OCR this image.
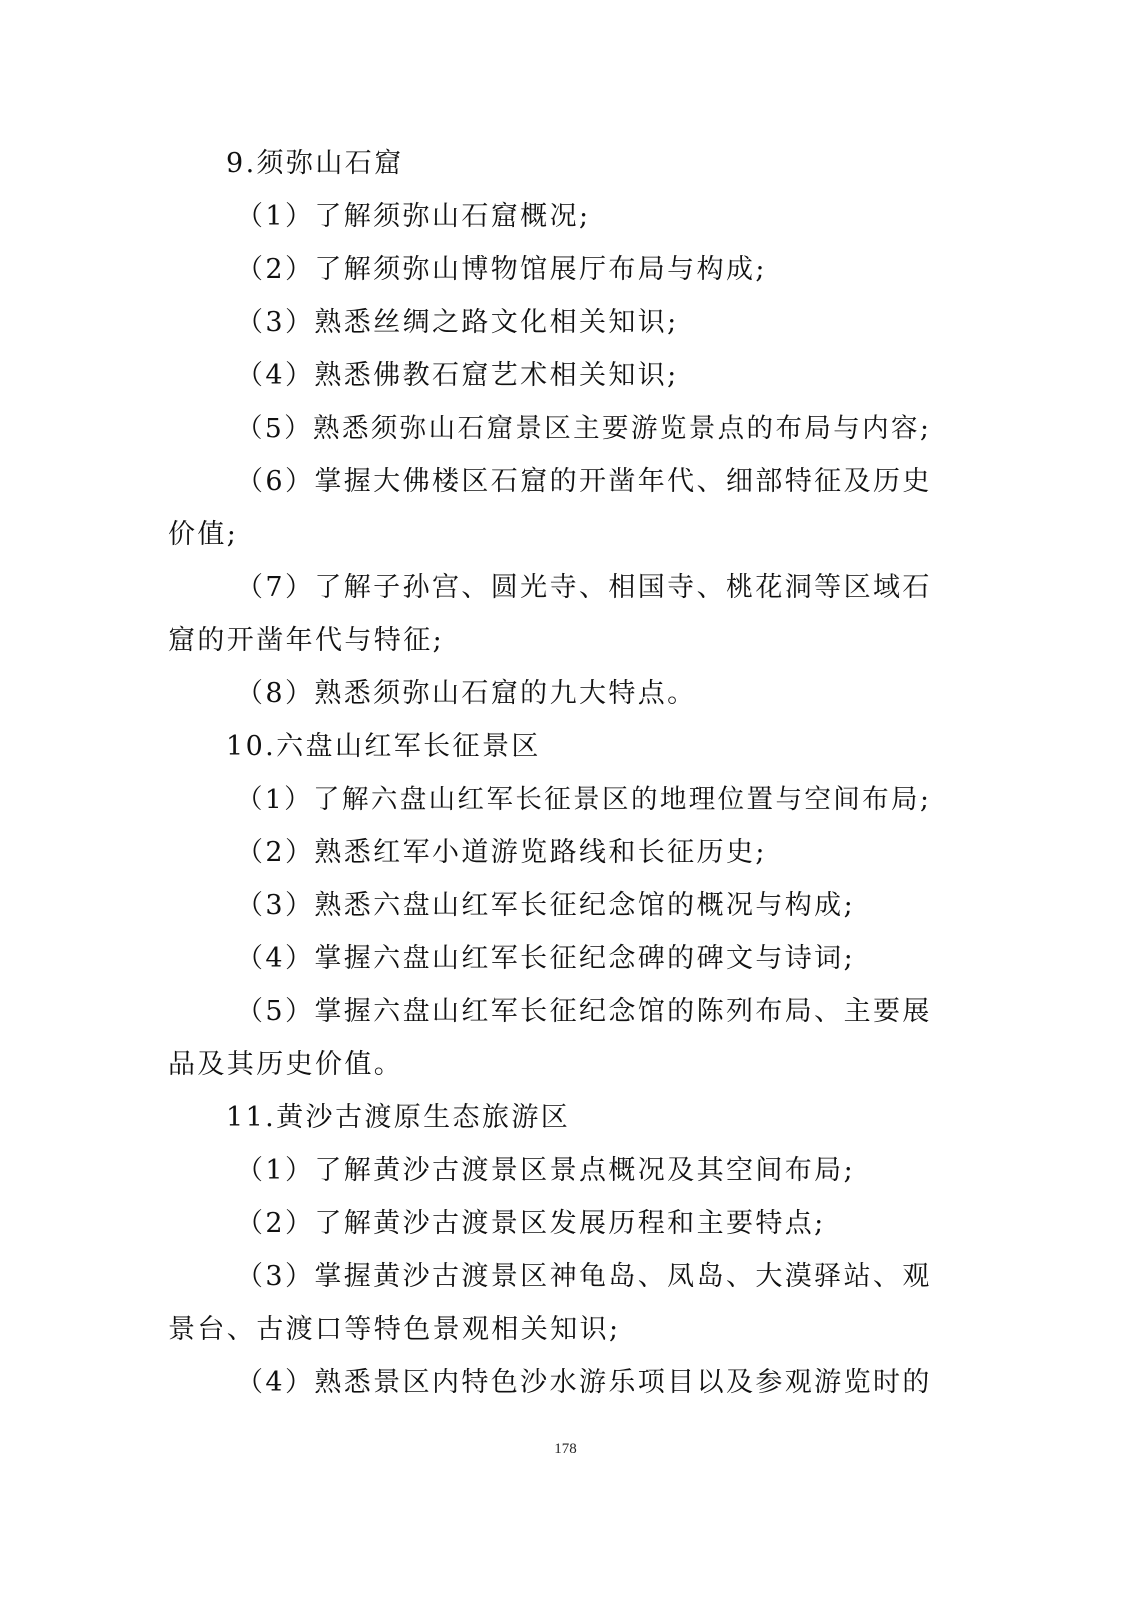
9.须弥山石窟
（1）了解须弥山石窟概况;
（2）了解须弥山博物馆展厅布局与构成;
（3）熟悉丝绸之路文化相关知识;
（4）熟悉佛教石窟艺术相关知识;
（5）熟悉须弥山石窟景区主要游览景点的布局与内容;
（6）掌握大佛楼区石窟的开凿年代、细部特征及历史
价值;
（7）了解子孙宫、圆光寺、相国寺、桃花洞等区域石
窟的开凿年代与特征;
（8）熟悉须弥山石窟的九大特点。
10.六盘山红军长征景区
（1）了解六盘山红军长征景区的地理位置与空间布局;
（2）熟悉红军小道游览路线和长征历史;
（3）熟悉六盘山红军长征纪念馆的概况与构成;
（4）掌握六盘山红军长征纪念碑的碑文与诗词;
（5）掌握六盘山红军长征纪念馆的陈列布局、主要展
品及其历史价值。
11.黄沙古渡原生态旅游区
（1）了解黄沙古渡景区景点概况及其空间布局;
（2）了解黄沙古渡景区发展历程和主要特点;
（3）掌握黄沙古渡景区神龟岛、凤岛、大漠驿站、观
景台、古渡口等特色景观相关知识;
（4）熟悉景区内特色沙水游乐项目以及参观游览时的
178
